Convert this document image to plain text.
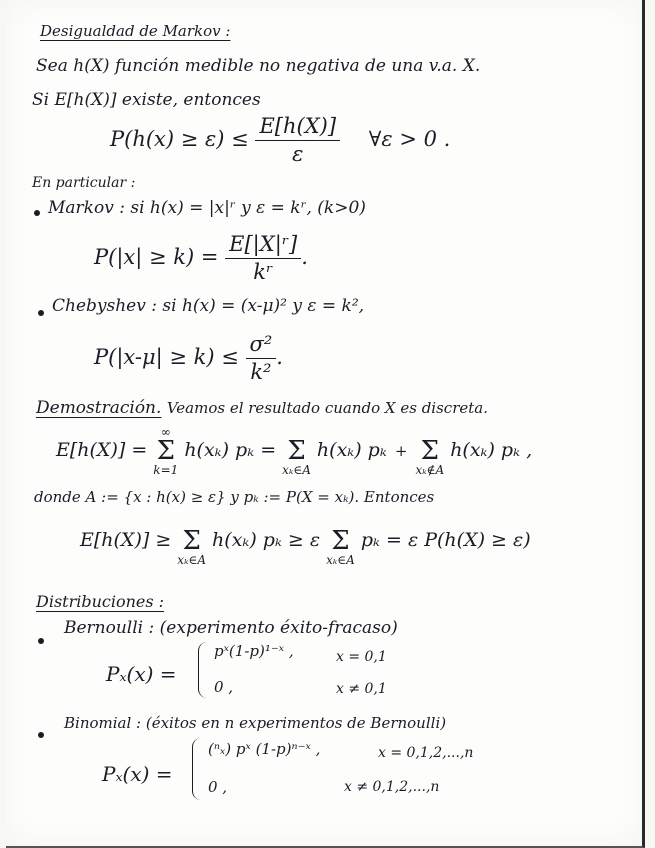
Desigualdad de Markov :
Sea h(X) función medible no negativa de una v.a. X.
Si E[h(X)] existe, entonces
$P(h(x) \ge \varepsilon) \le \frac{E[h(X)]}{\varepsilon}$ ∀ε > 0 .
En particular :
Markov : si h(x) = |x|ʳ y ε = kʳ, (k>0)
$P(|x| \ge k) = \frac{\text{E[|X|ʳ]}}{\text{kʳ}}$ .
Chebyshev : si h(x) = (x-μ)² y ε = k²,
$P(|x-\mu| \ge k) \le \frac{\text{σ²}}{\text{k²}}$ .
Demostración. Veamos el resultado cuando X es discreta.
E[h(X)] =
∞
Σ
k=1
h(xₖ) pₖ =
Σ
xₖ∈A
h(xₖ) pₖ +
Σ
xₖ∉A
h(xₖ) pₖ ,
donde A := {x : h(x) ≥ ε} y pₖ := P(X = xₖ). Entonces
E[h(X)] ≥
Σ
xₖ∈A
h(xₖ) pₖ ≥ ε
Σ
xₖ∈A
pₖ = ε P(h(X) ≥ ε)
Distribuciones :
Bernoulli : (experimento éxito-fracaso)
Pₓ(x) =
pˣ(1-p)¹⁻ˣ ,	x = 0,1
0 ,	x ≠ 0,1
Binomial : (éxitos en n experimentos de Bernoulli)
Pₓ(x) =
(ⁿₓ) pˣ (1-p)ⁿ⁻ˣ ,	x = 0,1,2,...,n
0 ,	x ≠ 0,1,2,...,n
